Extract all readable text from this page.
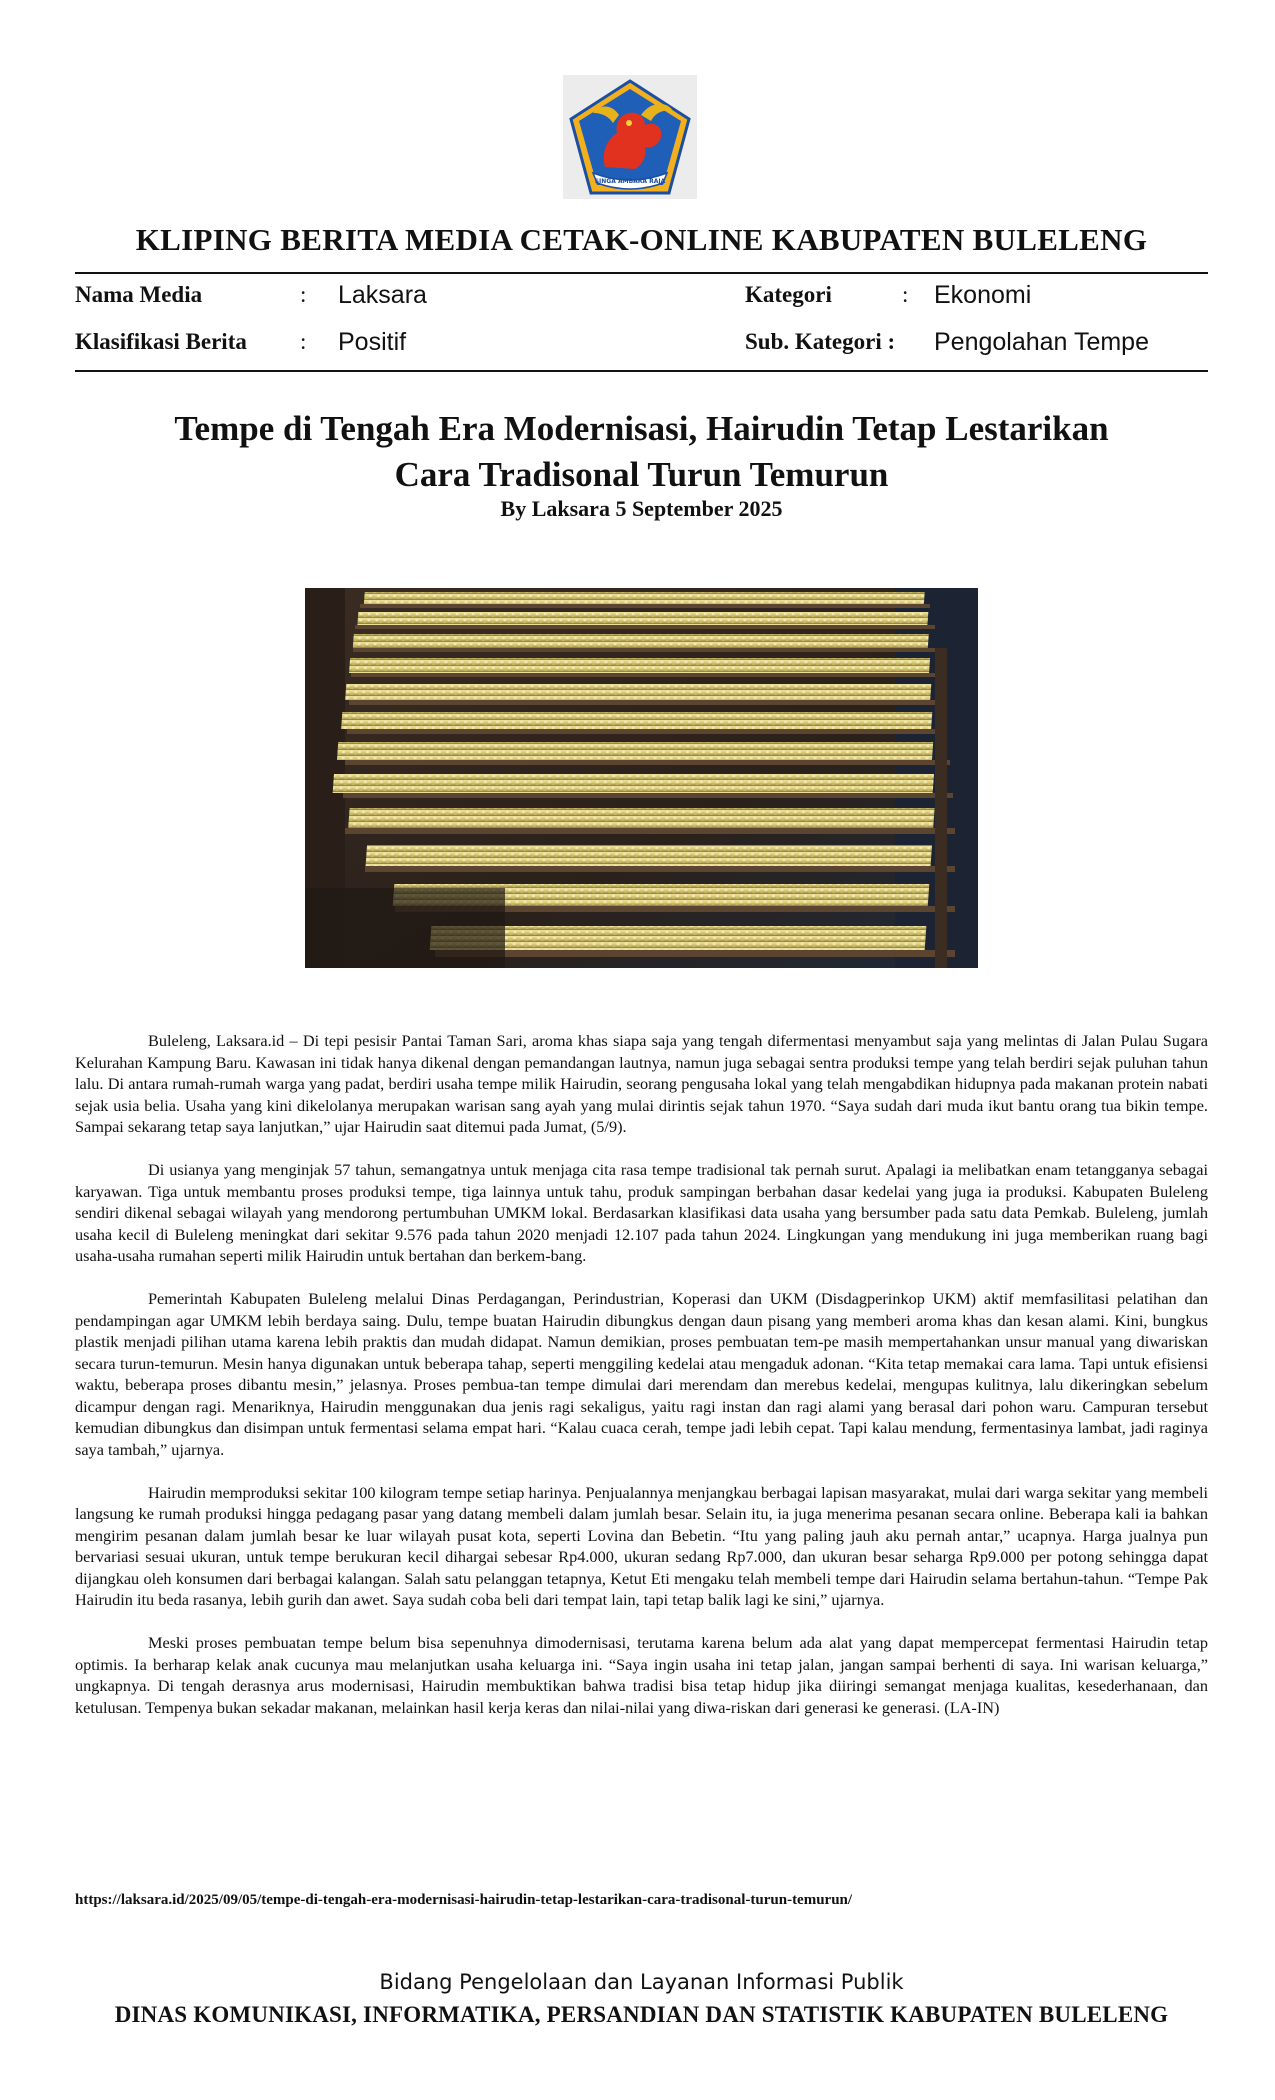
SINGA AMBARA RAJA
KLIPING BERITA MEDIA CETAK-ONLINE KABUPATEN BULELENG
Nama Media	: Laksara	Kategori	: Ekonomi
Klasifikasi Berita : Positif	Sub. Kategori : Pengolahan Tempe
Tempe di Tengah Era Modernisasi, Hairudin Tetap Lestarikan
Cara Tradisonal Turun Temurun
By Laksara 5 September 2025

Buleleng, Laksara.id – Di tepi pesisir Pantai Taman Sari, aroma khas siapa saja yang tengah difermentasi menyambut saja yang melintas di Jalan Pulau Sugara Kelurahan Kampung Baru. Kawasan ini tidak hanya dikenal dengan pemandangan lautnya, namun juga sebagai sentra produksi tempe yang telah berdiri sejak puluhan tahun lalu. Di antara rumah-rumah warga yang padat, berdiri usaha tempe milik Hairudin, seorang pengusaha lokal yang telah mengabdikan hidupnya pada makanan protein nabati sejak usia belia. Usaha yang kini dikelolanya merupakan warisan sang ayah yang mulai dirintis sejak tahun 1970. “Saya sudah dari muda ikut bantu orang tua bikin tempe. Sampai sekarang tetap saya lanjutkan,” ujar Hairudin saat ditemui pada Jumat, (5/9).

Di usianya yang menginjak 57 tahun, semangatnya untuk menjaga cita rasa tempe tradisional tak pernah surut. Apalagi ia melibatkan enam tetangganya sebagai karyawan. Tiga untuk membantu proses produksi tempe, tiga lainnya untuk tahu, produk sampingan berbahan dasar kedelai yang juga ia produksi. Kabupaten Buleleng sendiri dikenal sebagai wilayah yang mendorong pertumbuhan UMKM lokal. Berdasarkan klasifikasi data usaha yang bersumber pada satu data Pemkab. Buleleng, jumlah usaha kecil di Buleleng meningkat dari sekitar 9.576 pada tahun 2020 menjadi 12.107 pada tahun 2024. Lingkungan yang mendukung ini juga memberikan ruang bagi usaha-usaha rumahan seperti milik Hairudin untuk bertahan dan berkem-bang.

Pemerintah Kabupaten Buleleng melalui Dinas Perdagangan, Perindustrian, Koperasi dan UKM (Disdagperinkop UKM) aktif memfasilitasi pelatihan dan pendampingan agar UMKM lebih berdaya saing. Dulu, tempe buatan Hairudin dibungkus dengan daun pisang yang memberi aroma khas dan kesan alami. Kini, bungkus plastik menjadi pilihan utama karena lebih praktis dan mudah didapat. Namun demikian, proses pembuatan tem-pe masih mempertahankan unsur manual yang diwariskan secara turun-temurun. Mesin hanya digunakan untuk beberapa tahap, seperti menggiling kedelai atau mengaduk adonan. “Kita tetap memakai cara lama. Tapi untuk efisiensi waktu, beberapa proses dibantu mesin,” jelasnya. Proses pembua-tan tempe dimulai dari merendam dan merebus kedelai, mengupas kulitnya, lalu dikeringkan sebelum dicampur dengan ragi. Menariknya, Hairudin menggunakan dua jenis ragi sekaligus, yaitu ragi instan dan ragi alami yang berasal dari pohon waru. Campuran tersebut kemudian dibungkus dan disimpan untuk fermentasi selama empat hari. “Kalau cuaca cerah, tempe jadi lebih cepat. Tapi kalau mendung, fermentasinya lambat, jadi raginya saya tambah,” ujarnya.

Hairudin memproduksi sekitar 100 kilogram tempe setiap harinya. Penjualannya menjangkau berbagai lapisan masyarakat, mulai dari warga sekitar yang membeli langsung ke rumah produksi hingga pedagang pasar yang datang membeli dalam jumlah besar. Selain itu, ia juga menerima pesanan secara online. Beberapa kali ia bahkan mengirim pesanan dalam jumlah besar ke luar wilayah pusat kota, seperti Lovina dan Bebetin. “Itu yang paling jauh aku pernah antar,” ucapnya. Harga jualnya pun bervariasi sesuai ukuran, untuk tempe berukuran kecil dihargai sebesar Rp4.000, ukuran sedang Rp7.000, dan ukuran besar seharga Rp9.000 per potong sehingga dapat dijangkau oleh konsumen dari berbagai kalangan. Salah satu pelanggan tetapnya, Ketut Eti mengaku telah membeli tempe dari Hairudin selama bertahun-tahun. “Tempe Pak Hairudin itu beda rasanya, lebih gurih dan awet. Saya sudah coba beli dari tempat lain, tapi tetap balik lagi ke sini,” ujarnya.

Meski proses pembuatan tempe belum bisa sepenuhnya dimodernisasi, terutama karena belum ada alat yang dapat mempercepat fermentasi Hairudin tetap optimis. Ia berharap kelak anak cucunya mau melanjutkan usaha keluarga ini. “Saya ingin usaha ini tetap jalan, jangan sampai berhenti di saya. Ini warisan keluarga,” ungkapnya. Di tengah derasnya arus modernisasi, Hairudin membuktikan bahwa tradisi bisa tetap hidup jika diiringi semangat menjaga kualitas, kesederhanaan, dan ketulusan. Tempenya bukan sekadar makanan, melainkan hasil kerja keras dan nilai-nilai yang diwa-riskan dari generasi ke generasi. (LA-IN)

https://laksara.id/2025/09/05/tempe-di-tengah-era-modernisasi-hairudin-tetap-lestarikan-cara-tradisonal-turun-temurun/
Bidang Pengelolaan dan Layanan Informasi Publik
DINAS KOMUNIKASI, INFORMATIKA, PERSANDIAN DAN STATISTIK KABUPATEN BULELENG
